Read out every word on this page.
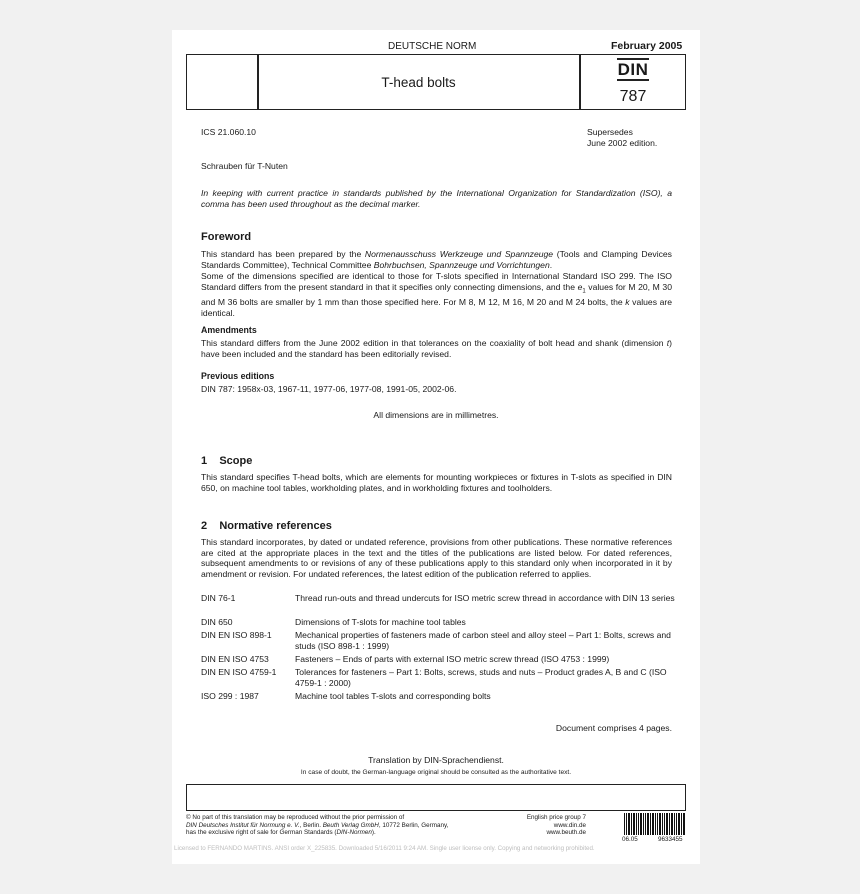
DEUTSCHE NORM	February 2005
T-head bolts
DIN
787
ICS 21.060.10	Supersedes
June 2002 edition.
Schrauben für T-Nuten

In keeping with current practice in standards published by the International Organization for Standardization (ISO), a comma has been used throughout as the decimal marker.

Foreword

This standard has been prepared by the Normenausschuss Werkzeuge und Spannzeuge (Tools and Clamping Devices Standards Committee), Technical Committee Bohrbuchsen, Spannzeuge und Vorrichtungen.

Some of the dimensions specified are identical to those for T-slots specified in International Standard ISO 299. The ISO Standard differs from the present standard in that it specifies only connecting dimensions, and the $e_1$ values for M 20, M 30 and M 36 bolts are smaller by 1 mm than those specified here. For M 8, M 12, M 16, M 20 and M 24 bolts, the k values are identical.

Amendments

This standard differs from the June 2002 edition in that tolerances on the coaxiality of bolt head and shank (dimension t) have been included and the standard has been editorially revised.

Previous editions

DIN 787: 1958x-03, 1967-11, 1977-06, 1977-08, 1991-05, 2002-06.

All dimensions are in millimetres.
1    Scope

This standard specifies T-head bolts, which are elements for mounting workpieces or fixtures in T-slots as specified in DIN 650, on machine tool tables, workholding plates, and in workholding fixtures and toolholders.

2    Normative references

This standard incorporates, by dated or undated reference, provisions from other publications. These normative references are cited at the appropriate places in the text and the titles of the publications are listed below. For dated references, subsequent amendments to or revisions of any of these publications apply to this standard only when incorporated in it by amendment or revision. For undated references, the latest edition of the publication referred to applies.

DIN 76-1	Thread run-outs and thread undercuts for ISO metric screw thread in accordance with DIN 13 series
DIN 650	Dimensions of T-slots for machine tool tables
DIN EN ISO 898-1	Mechanical properties of fasteners made of carbon steel and alloy steel – Part 1: Bolts, screws and studs (ISO 898-1 : 1999)
DIN EN ISO 4753	Fasteners – Ends of parts with external ISO metric screw thread (ISO 4753 : 1999)
DIN EN ISO 4759-1	Tolerances for fasteners – Part 1: Bolts, screws, studs and nuts – Product grades A, B and C (ISO 4759-1 : 2000)
ISO 299 : 1987	Machine tool tables T-slots and corresponding bolts
Document comprises 4 pages.
Translation by DIN-Sprachendienst.
In case of doubt, the German-language original should be consulted as the authoritative text.
© No part of this translation may be reproduced without the prior permission of
DIN Deutsches Institut für Normung e. V., Berlin. Beuth Verlag GmbH, 10772 Berlin, Germany,
has the exclusive right of sale for German Standards (DIN-Normen).
English price group 7
www.din.de
www.beuth.de
06.05	9633455
Licensed to FERNANDO MARTINS. ANSI order X_225835. Downloaded 5/16/2011 9:24 AM. Single user license only. Copying and networking prohibited.
